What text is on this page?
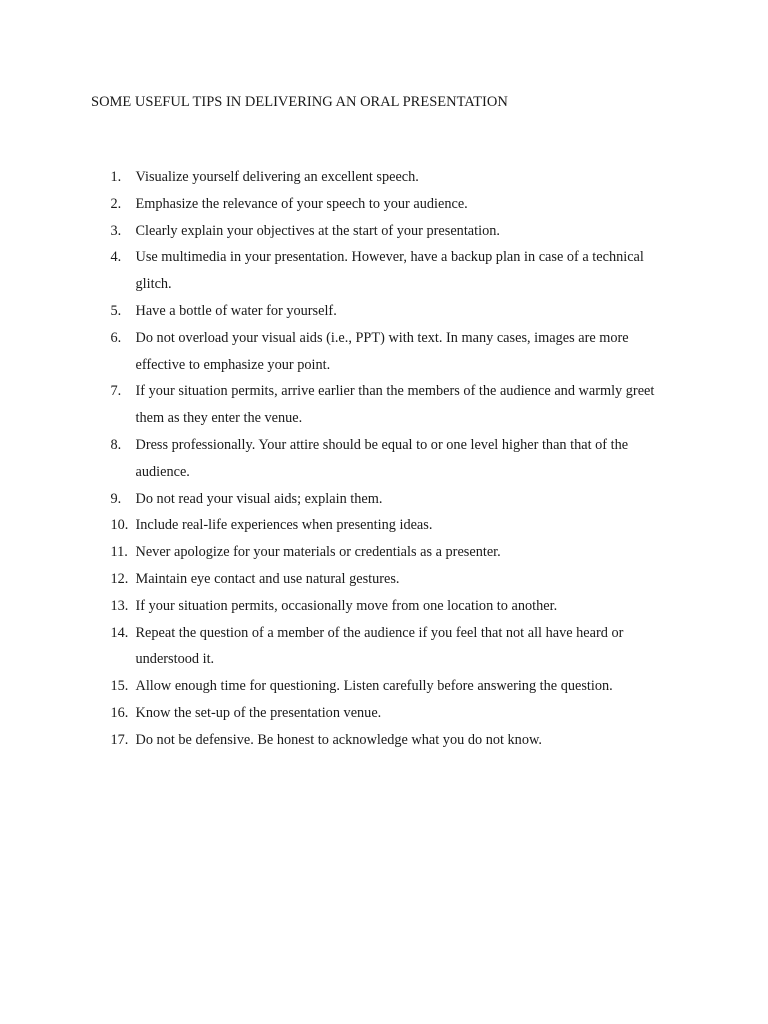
SOME USEFUL TIPS IN DELIVERING AN ORAL PRESENTATION
1. Visualize yourself delivering an excellent speech.
2. Emphasize the relevance of your speech to your audience.
3. Clearly explain your objectives at the start of your presentation.
4. Use multimedia in your presentation. However, have a backup plan in case of a technical glitch.
5. Have a bottle of water for yourself.
6. Do not overload your visual aids (i.e., PPT) with text. In many cases, images are more effective to emphasize your point.
7. If your situation permits, arrive earlier than the members of the audience and warmly greet them as they enter the venue.
8. Dress professionally. Your attire should be equal to or one level higher than that of the audience.
9. Do not read your visual aids; explain them.
10. Include real-life experiences when presenting ideas.
11. Never apologize for your materials or credentials as a presenter.
12. Maintain eye contact and use natural gestures.
13. If your situation permits, occasionally move from one location to another.
14. Repeat the question of a member of the audience if you feel that not all have heard or understood it.
15. Allow enough time for questioning. Listen carefully before answering the question.
16. Know the set-up of the presentation venue.
17. Do not be defensive. Be honest to acknowledge what you do not know.
